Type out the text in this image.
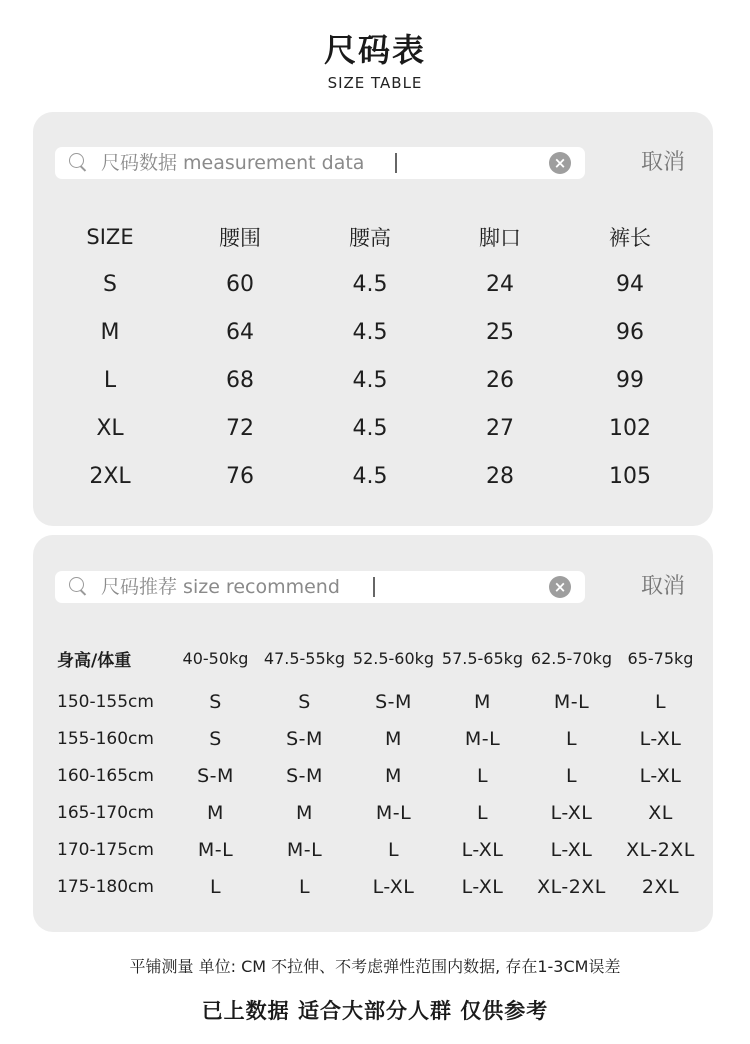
尺码表
SIZE TABLE
尺码数据 measurement data	×	取消
SIZE	腰围	腰高	脚口	裤长
S	60	4.5	24	94
M	64	4.5	25	96
L	68	4.5	26	99
XL	72	4.5	27	102
2XL	76	4.5	28	105
尺码推荐 size recommend	×	取消
身高/体重	40-50kg 47.5-55kg 52.5-60kg 57.5-65kg 62.5-70kg 65-75kg
150-155cm	S	S	S-M	M	M-L	L
155-160cm	S	S-M	M	M-L	L	L-XL
160-165cm	S-M	S-M	M	L	L	L-XL
165-170cm	M	M	M-L	L	L-XL	XL
170-175cm	M-L	M-L	L	L-XL	L-XL	XL-2XL
175-180cm	L	L	L-XL	L-XL	XL-2XL	2XL
平铺测量 单位: CM 不拉伸、不考虑弹性范围内数据, 存在1-3CM误差
已上数据 适合大部分人群 仅供参考
